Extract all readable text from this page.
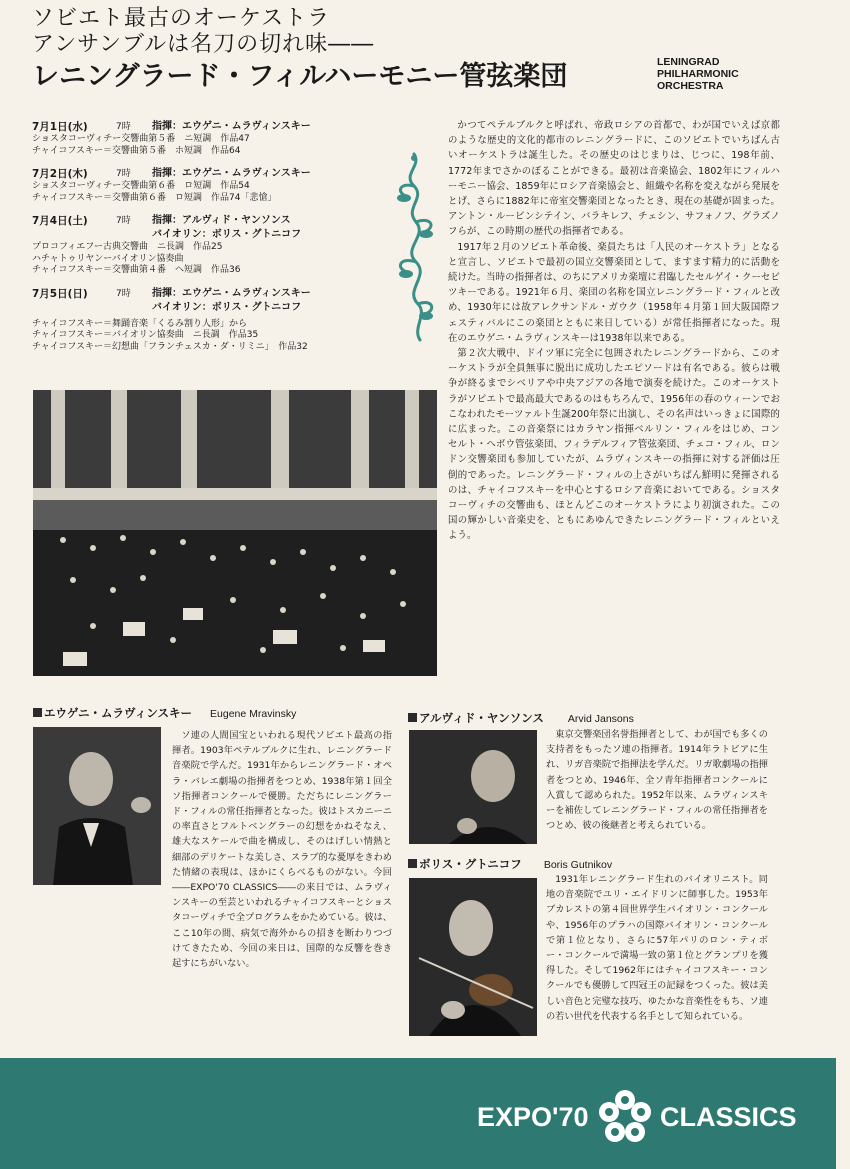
ソビエト最古のオーケストラ
アンサンブルは名刀の切れ味――
レニングラード・フィルハーモニー管弦楽団	LENINGRAD
PHILHARMONIC
ORCHESTRA
7月1日(水)	7時	指揮：エウゲニ・ムラヴィンスキー
ショスタコーヴィチー交響曲第５番　ニ短調　作品47
チャイコフスキー＝交響曲第５番　ホ短調　作品64
7月2日(木)	7時	指揮：エウゲニ・ムラヴィンスキー
ショスタコーヴィチー交響曲第６番　ロ短調　作品54
チャイコフスキー＝交響曲第６番　ロ短調　作品74「悲愴」
7月4日(土)	7時	指揮：アルヴィド・ヤンソンス
バイオリン：ボリス・グトニコフ
プロコフィエフー古典交響曲　ニ長調　作品25
ハチャトゥリヤンーバイオリン協奏曲
チャイコフスキー＝交響曲第４番　ヘ短調　作品36
7月5日(日)	7時	指揮：エウゲニ・ムラヴィンスキー
バイオリン：ボリス・グトニコフ
チャイコフスキー＝舞踊音楽「くるみ割り人形」から
チャイコフスキー＝バイオリン協奏曲　ニ長調　作品35
チャイコフスキー＝幻想曲「フランチェスカ・ダ・リミニ」　作品32

かつてペテルブルクと呼ばれ、帝政ロシアの首都で、わが国でいえば京都のような歴史的文化的都市のレニングラードに、このソビエトでいちばん古いオーケストラは誕生した。その歴史のはじまりは、じつに、198年前、1772年までさかのぼることができる。最初は音楽協会、1802年にフィルハーモニー協会、1859年にロシア音楽協会と、組織や名称を変えながら発展をとげ、さらに1882年に帝室交響楽団となったとき、現在の基礎が固まった。アントン・ルービンシテイン、バラキレフ、チェシン、サフォノフ、グラズノフらが、この時期の歴代の指揮者である。

1917年２月のソビエト革命後、楽員たちは「人民のオーケストラ」となると宣言し、ソビエトで最初の国立交響楽団として、ますます精力的に活動を続けた。当時の指揮者は、のちにアメリカ楽壇に君臨したセルゲイ・クーセビツキーである。1921年６月、楽団の名称を国立レニングラード・フィルと改め、1930年には故アレクサンドル・ガウク（1958年４月第１回大阪国際フェスティバルにこの楽団とともに来日している）が常任指揮者になった。現在のエウゲニ・ムラヴィンスキーは1938年以来である。

第２次大戦中、ドイツ軍に完全に包囲されたレニングラードから、このオーケストラが全員無事に脱出に成功したエピソードは有名である。彼らは戦争が終るまでシベリアや中央アジアの各地で演奏を続けた。このオーケストラがソビエトで最高最大であるのはもちろんで、1956年の春のウィーンでおこなわれたモーツァルト生誕200年祭に出演し、その名声はいっきょに国際的に広まった。この音楽祭にはカラヤン指揮ベルリン・フィルをはじめ、コンセルト・ヘボウ管弦楽団、フィラデルフィア管弦楽団、チェコ・フィル、ロンドン交響楽団も参加していたが、ムラヴィンスキーの指揮に対する評価は圧倒的であった。レニングラード・フィルの上さがいちばん鮮明に発揮されるのは、チャイコフスキーを中心とするロシア音楽においてである。ショスタコーヴィチの交響曲も、ほとんどこのオーケストラにより初演された。この国の輝かしい音楽史を、ともにあゆんできたレニングラード・フィルといえよう。

エウゲニ・ムラヴィンスキー Eugene Mravinsky

ソ連の人間国宝といわれる現代ソビエト最高の指揮者。1903年ペテルブルクに生れ、レニングラード音楽院で学んだ。1931年からレニングラード・オペラ・バレエ劇場の指揮者をつとめ、1938年第１回全ソ指揮者コンクールで優勝。ただちにレニングラード・フィルの常任指揮者となった。彼はトスカニーニの率直さとフルトベングラーの幻想をかねそなえ、雄大なスケールで曲を構成し、そのはげしい情熱と細部のデリケートな美しさ、スラブ的な憂厚をきわめた情緒の表現は、ほかにくらべるものがない。今回――EXPO'70 CLASSICS――の来日では、ムラヴィンスキーの至芸といわれるチャイコフスキーとショスタコーヴィチで全プログラムをかためている。彼は、ここ10年の間、病気で海外からの招きを断わりつづけてきたため、今回の来日は、国際的な反響を巻き起すにちがいない。

アルヴィド・ヤンソンス Arvid Jansons

東京交響楽団名誉指揮者として、わが国でも多くの支持者をもったソ連の指揮者。1914年ラトビアに生れ、リガ音楽院で指揮法を学んだ。リガ歌劇場の指揮者をつとめ、1946年、全ソ青年指揮者コンクールに入賞して認められた。1952年以来、ムラヴィンスキーを補佐してレニングラード・フィルの常任指揮者をつとめ、彼の後継者と考えられている。

ボリス・グトニコフ Boris Gutnikov

1931年レニングラード生れのバイオリニスト。同地の音楽院でユリ・エイドリンに師事した。1953年ブカレストの第４回世界学生バイオリン・コンクールや、1956年のプラハの国際バイオリン・コンクールで第１位となり、さらに57年パリのロン・ティボー・コンクールで満場一致の第１位とグランプリを獲得した。そして1962年にはチャイコフスキー・コンクールでも優勝して四冠王の記録をつくった。彼は美しい音色と完璧な技巧、ゆたかな音楽性をもち、ソ連の若い世代を代表する名手として知られている。

EXPO'70	CLASSICS
